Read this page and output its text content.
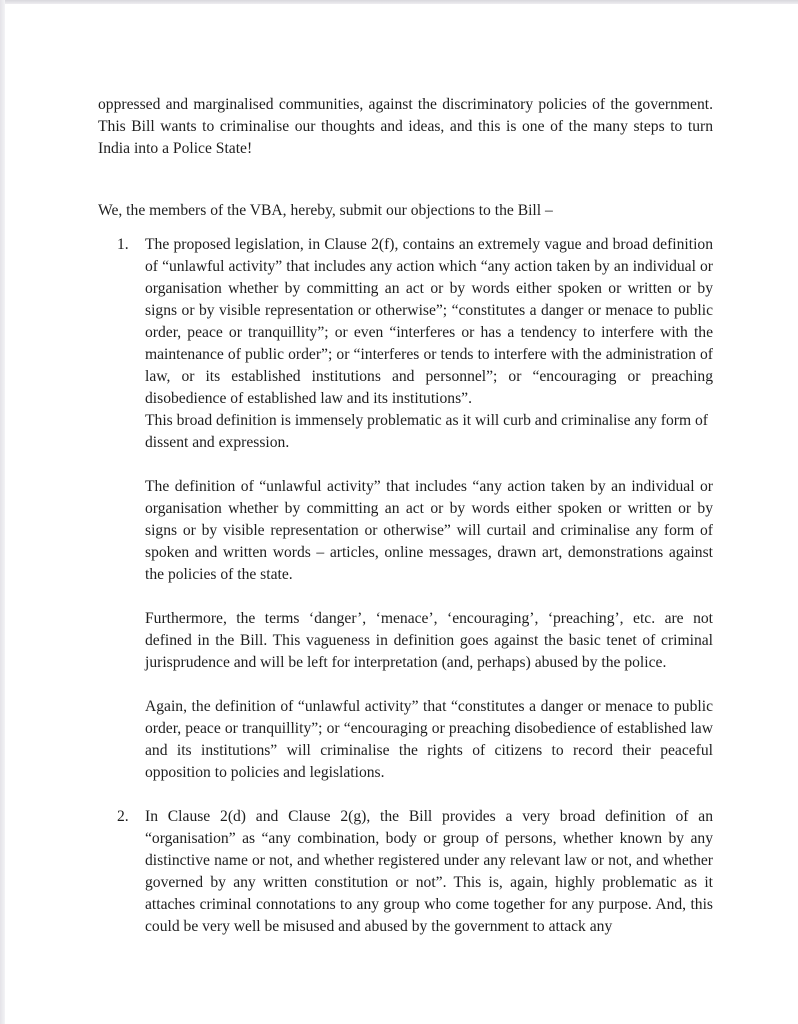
oppressed and marginalised communities, against the discriminatory policies of the government. This Bill wants to criminalise our thoughts and ideas, and this is one of the many steps to turn India into a Police State!

We, the members of the VBA, hereby, submit our objections to the Bill –

1. The proposed legislation, in Clause 2(f), contains an extremely vague and broad definition of “unlawful activity” that includes any action which “any action taken by an individual or organisation whether by committing an act or by words either spoken or written or by signs or by visible representation or otherwise”; “constitutes a danger or menace to public order, peace or tranquillity”; or even “interferes or has a tendency to interfere with the maintenance of public order”; or “interferes or tends to interfere with the administration of law, or its established institutions and personnel”; or “encouraging or preaching disobedience of established law and its institutions”.

This broad definition is immensely problematic as it will curb and criminalise any form of dissent and expression.

The definition of “unlawful activity” that includes “any action taken by an individual or organisation whether by committing an act or by words either spoken or written or by signs or by visible representation or otherwise” will curtail and criminalise any form of spoken and written words – articles, online messages, drawn art, demonstrations against the policies of the state.

Furthermore, the terms ‘danger’, ‘menace’, ‘encouraging’, ‘preaching’, etc. are not defined in the Bill. This vagueness in definition goes against the basic tenet of criminal jurisprudence and will be left for interpretation (and, perhaps) abused by the police.

Again, the definition of “unlawful activity” that “constitutes a danger or menace to public order, peace or tranquillity”; or “encouraging or preaching disobedience of established law and its institutions” will criminalise the rights of citizens to record their peaceful opposition to policies and legislations.

2. In Clause 2(d) and Clause 2(g), the Bill provides a very broad definition of an “organisation” as “any combination, body or group of persons, whether known by any distinctive name or not, and whether registered under any relevant law or not, and whether governed by any written constitution or not”. This is, again, highly problematic as it attaches criminal connotations to any group who come together for any purpose. And, this could be very well be misused and abused by the government to attack any
